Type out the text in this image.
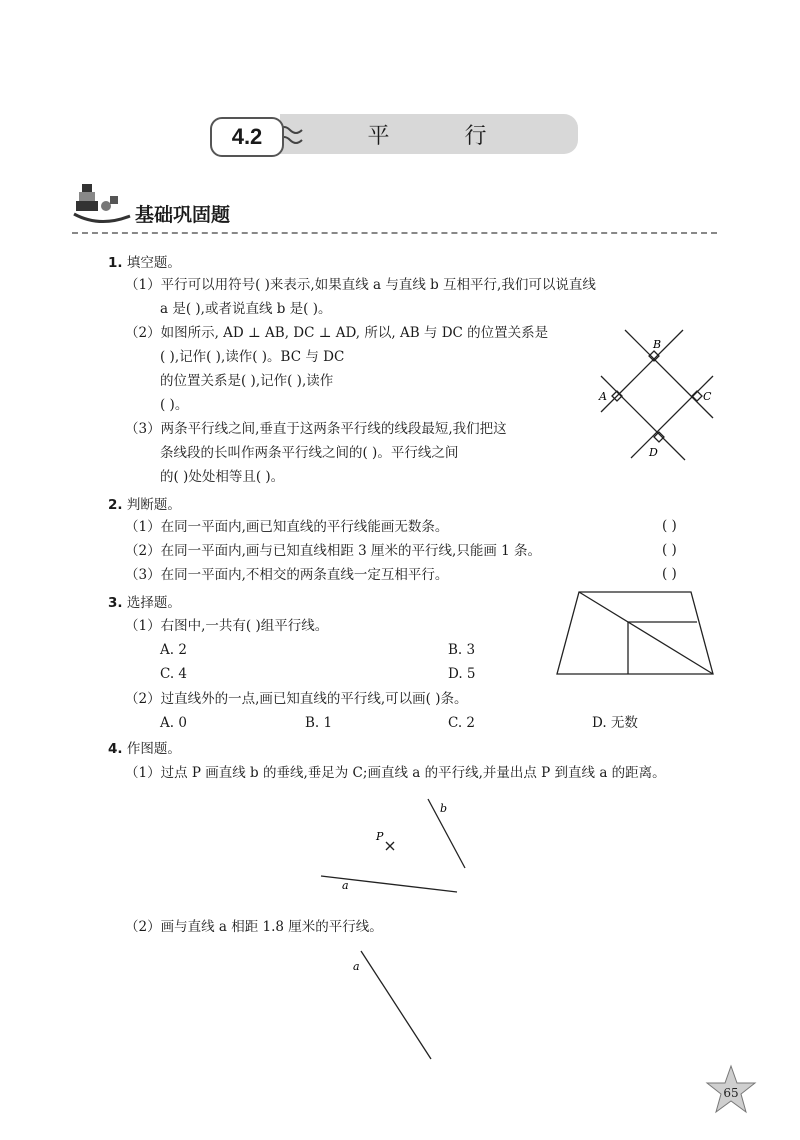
4.2	平 行
基础巩固题
1. 填空题。
（1）平行可以用符号( )来表示,如果直线 a 与直线 b 互相平行,我们可以说直线
a 是( ),或者说直线 b 是( )。
（2）如图所示, AD ⊥ AB, DC ⊥ AD, 所以, AB 与 DC 的位置关系是
( ),记作( ),读作( )。BC 与 DC
的位置关系是( ),记作( ),读作
( )。
（3）两条平行线之间,垂直于这两条平行线的线段最短,我们把这
条线段的长叫作两条平行线之间的( )。平行线之间
的( )处处相等且( )。
B
A	C
D
2. 判断题。
（1）在同一平面内,画已知直线的平行线能画无数条。	( )
（2）在同一平面内,画与已知直线相距 3 厘米的平行线,只能画 1 条。	( )
（3）在同一平面内,不相交的两条直线一定互相平行。	( )
3. 选择题。
（1）右图中,一共有( )组平行线。
A. 2	B. 3
C. 4	D. 5
（2）过直线外的一点,画已知直线的平行线,可以画( )条。
A. 0	B. 1	C. 2	D. 无数
4. 作图题。
（1）过点 P 画直线 b 的垂线,垂足为 C;画直线 a 的平行线,并量出点 P 到直线 a 的距离。
b
P
a
（2）画与直线 a 相距 1.8 厘米的平行线。
a
65
